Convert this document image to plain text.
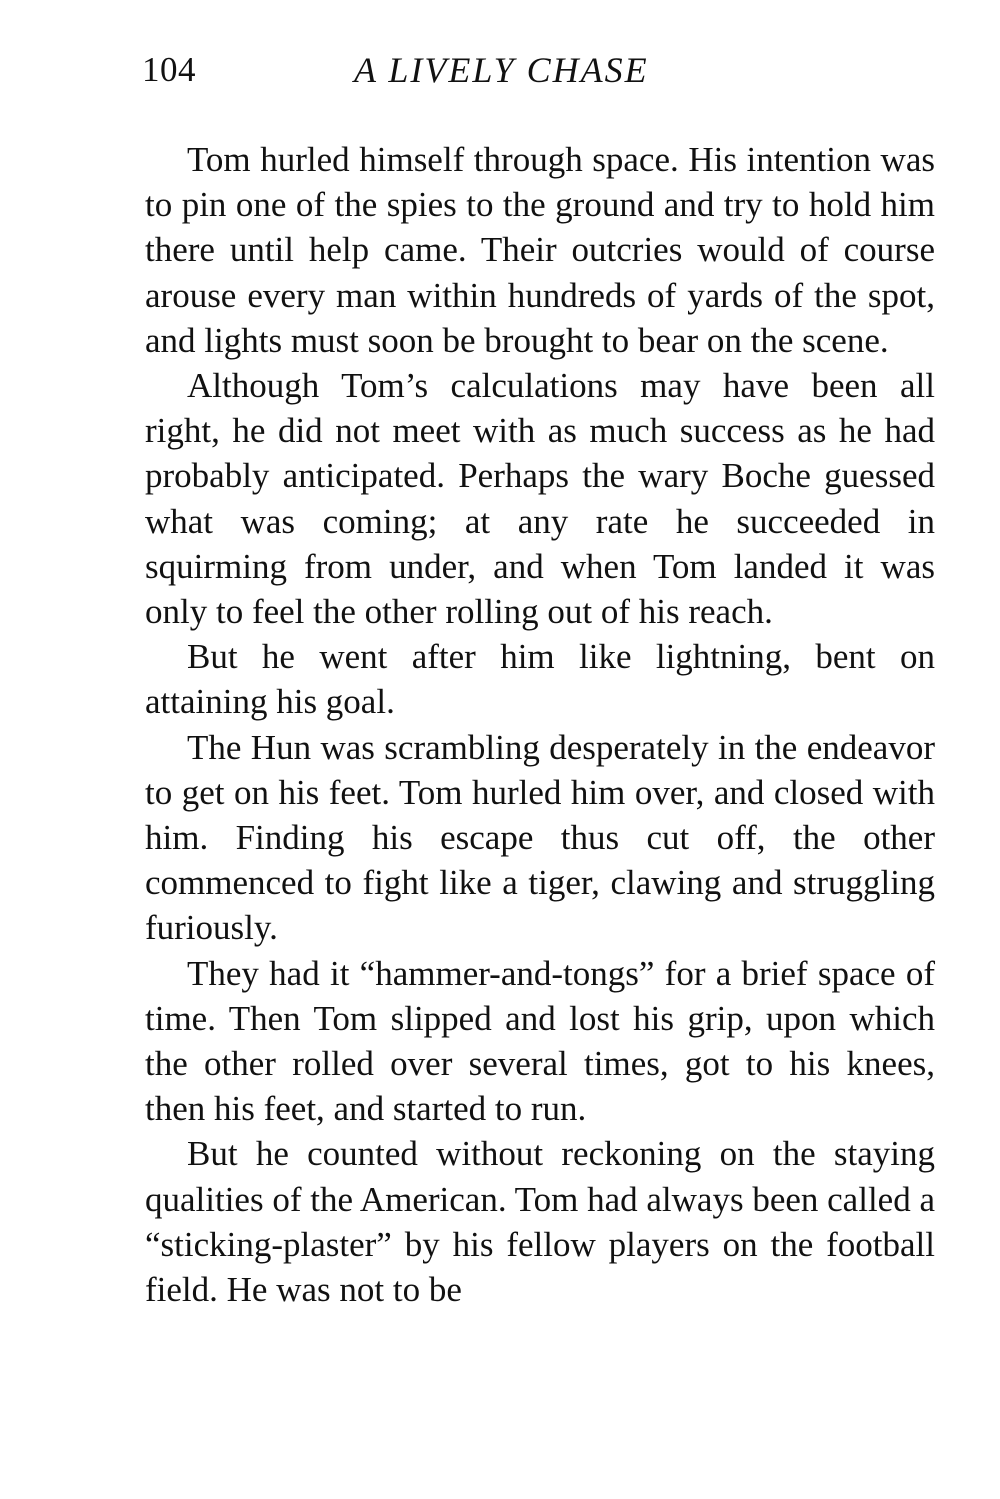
104	A LIVELY CHASE

Tom hurled himself through space. His intention was to pin one of the spies to the ground and try to hold him there until help came. Their outcries would of course arouse every man within hundreds of yards of the spot, and lights must soon be brought to bear on the scene.

Although Tom’s calculations may have been all right, he did not meet with as much success as he had probably anticipated. Perhaps the wary Boche guessed what was coming; at any rate he succeeded in squirming from under, and when Tom landed it was only to feel the other rolling out of his reach.

But he went after him like lightning, bent on attaining his goal.

The Hun was scrambling desperately in the endeavor to get on his feet. Tom hurled him over, and closed with him. Finding his escape thus cut off, the other commenced to fight like a tiger, clawing and struggling furiously.

They had it “hammer-and-tongs” for a brief space of time. Then Tom slipped and lost his grip, upon which the other rolled over several times, got to his knees, then his feet, and started to run.

But he counted without reckoning on the staying qualities of the American. Tom had always been called a “sticking-plaster” by his fellow players on the football field. He was not to be
